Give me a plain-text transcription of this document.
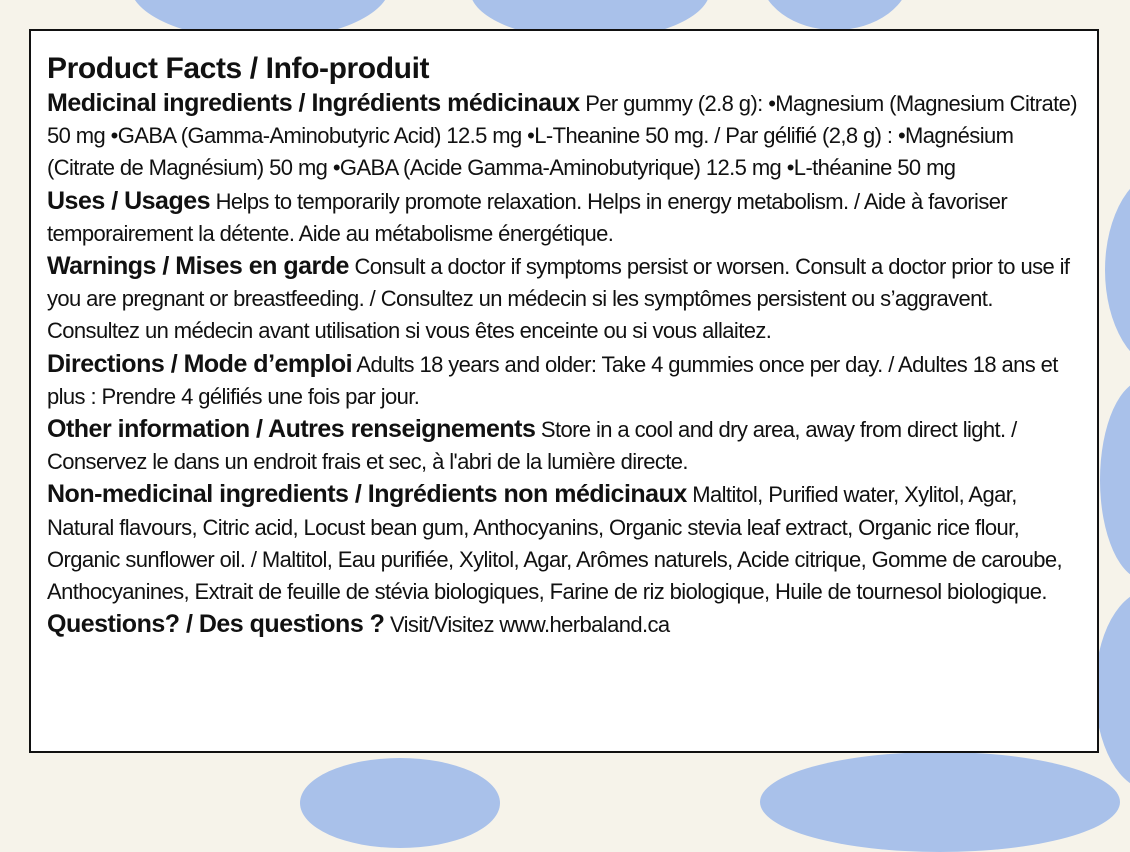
Product Facts / Info-produit

Medicinal ingredients / Ingrédients médicinaux Per gummy (2.8 g): •Magnesium (Magnesium Citrate) 50 mg •GABA (Gamma-Aminobutyric Acid) 12.5 mg •L-Theanine 50 mg. / Par gélifié (2,8 g) : •Magnésium (Citrate de Magnésium) 50 mg •GABA (Acide Gamma-Aminobutyrique) 12.5 mg •L-théanine 50 mg

Uses / Usages Helps to temporarily promote relaxation. Helps in energy metabolism. / Aide à favoriser temporairement la détente. Aide au métabolisme énergétique.

Warnings / Mises en garde Consult a doctor if symptoms persist or worsen. Consult a doctor prior to use if you are pregnant or breastfeeding. / Consultez un médecin si les symptômes persistent ou s’aggravent. Consultez un médecin avant utilisation si vous êtes enceinte ou si vous allaitez.

Directions / Mode d’emploi Adults 18 years and older: Take 4 gummies once per day. / Adultes 18 ans et plus : Prendre 4 gélifiés une fois par jour.

Other information / Autres renseignements Store in a cool and dry area, away from direct light. / Conservez le dans un endroit frais et sec, à l'abri de la lumière directe.

Non-medicinal ingredients / Ingrédients non médicinaux Maltitol, Purified water, Xylitol, Agar, Natural flavours, Citric acid, Locust bean gum, Anthocyanins, Organic stevia leaf extract, Organic rice flour, Organic sunflower oil. / Maltitol, Eau purifiée, Xylitol, Agar, Arômes naturels, Acide citrique, Gomme de caroube, Anthocyanines, Extrait de feuille de stévia biologiques, Farine de riz biologique, Huile de tournesol biologique.

Questions? / Des questions ? Visit/Visitez www.herbaland.ca
